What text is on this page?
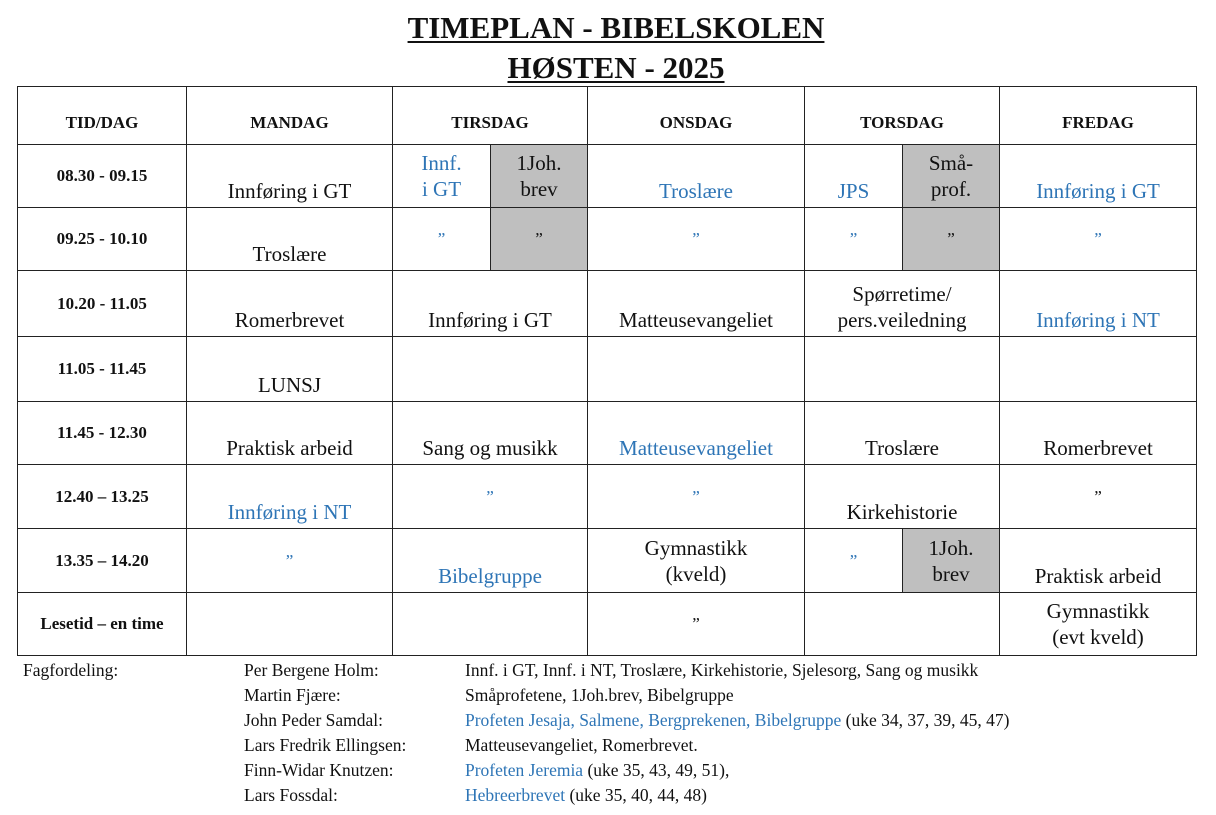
TIMEPLAN - BIBELSKOLEN
HØSTEN - 2025
TID/DAG	MANDAG	TIRSDAG		ONSDAG	TORSDAG		FREDAG
08.30 - 09.15	Innføring i GT	Innf.
i GT	1Joh.
brev	Troslære	JPS	Små-
prof.	Innføring i GT
09.25 - 10.10	Troslære	”	”	”	”	”	”
10.20 - 11.05	Romerbrevet	Innføring i GT		Matteusevangeliet	Spørretime/
pers.veiledning		Innføring i NT
11.05 - 11.45	LUNSJ						
11.45 - 12.30	Praktisk arbeid	Sang og musikk		Matteusevangeliet	Troslære		Romerbrevet
12.40 – 13.25	Innføring i NT	”		”	Kirkehistorie		”
13.35 – 14.20	”	Bibelgruppe		Gymnastikk
(kveld)	”	1Joh.
brev	Praktisk arbeid
Lesetid – en time				”			Gymnastikk
(evt kveld)
Fagfordeling:	Per Bergene Holm:	Innf. i GT, Innf. i NT, Troslære, Kirkehistorie, Sjelesorg, Sang og musikk
Martin Fjære:	Småprofetene, 1Joh.brev, Bibelgruppe
John Peder Samdal:	Profeten Jesaja, Salmene, Bergprekenen, Bibelgruppe (uke 34, 37, 39, 45, 47)
Lars Fredrik Ellingsen:	Matteusevangeliet, Romerbrevet.
Finn-Widar Knutzen:	Profeten Jeremia (uke 35, 43, 49, 51),
Lars Fossdal:	Hebreerbrevet (uke 35, 40, 44, 48)
